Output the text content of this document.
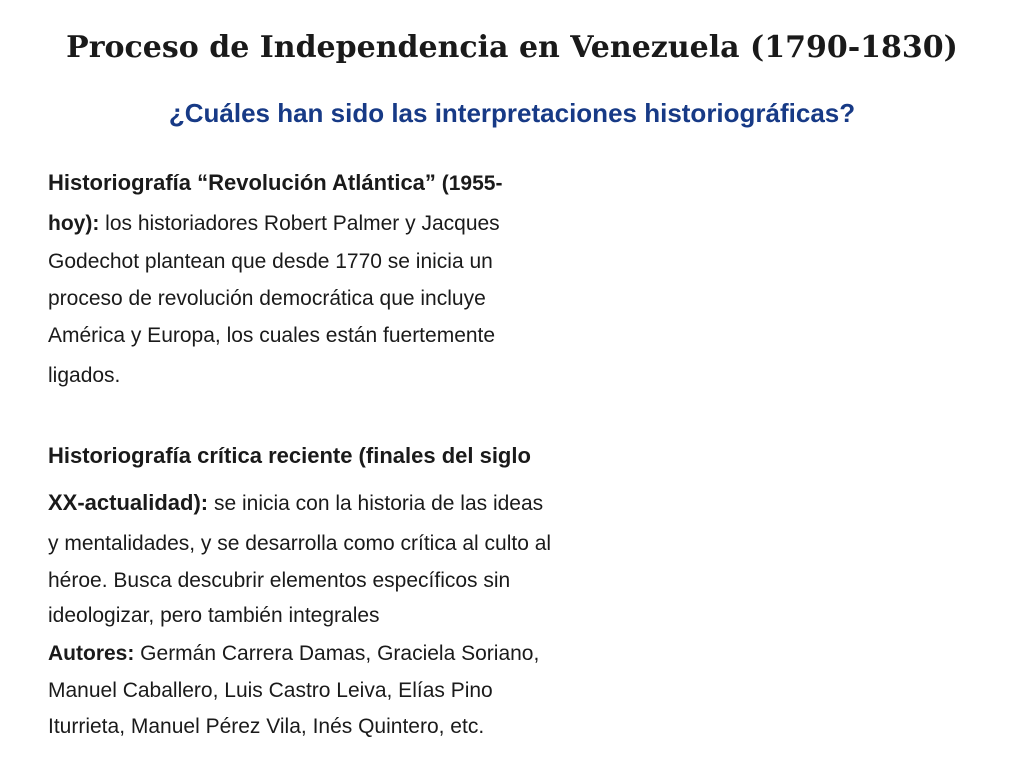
Proceso de Independencia en Venezuela (1790-1830)
¿Cuáles han sido las interpretaciones historiográficas?

Historiografía “Revolución Atlántica” (1955-

hoy): los historiadores Robert Palmer y Jacques

Godechot plantean que desde 1770 se inicia un

proceso de revolución democrática que incluye

América y Europa, los cuales están fuertemente

ligados.

Historiografía crítica reciente (finales del siglo

XX-actualidad): se inicia con la historia de las ideas

y mentalidades, y se desarrolla como crítica al culto al

héroe. Busca descubrir elementos específicos sin

ideologizar, pero también integrales

Autores: Germán Carrera Damas, Graciela Soriano,

Manuel Caballero, Luis Castro Leiva, Elías Pino

Iturrieta, Manuel Pérez Vila, Inés Quintero, etc.
